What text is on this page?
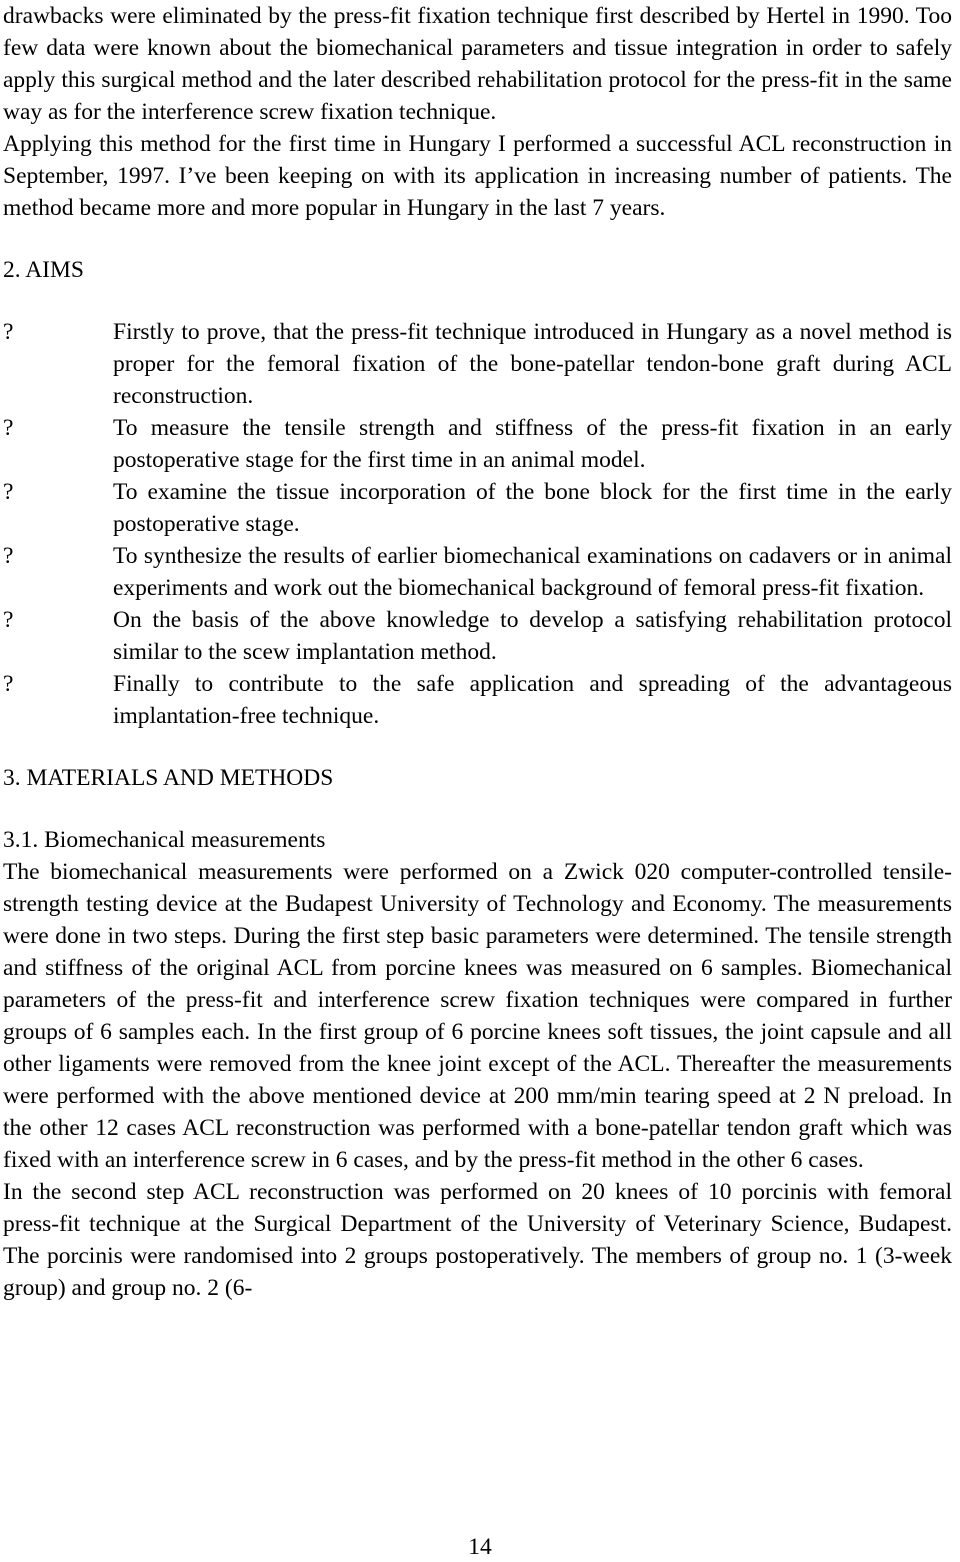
drawbacks were eliminated by the press-fit fixation technique first described by Hertel in 1990. Too few data were known about the biomechanical parameters and tissue integration in order to safely apply this surgical method and the later described rehabilitation protocol for the press-fit in the same way as for the interference screw fixation technique.

Applying this method for the first time in Hungary I performed a successful ACL reconstruction in September, 1997. I’ve been keeping on with its application in increasing number of patients. The method became more and more popular in Hungary in the last 7 years.

2. AIMS

?	Firstly to prove, that the press-fit technique introduced in Hungary as a novel method is proper for the femoral fixation of the bone-patellar tendon-bone graft during ACL reconstruction.
?	To measure the tensile strength and stiffness of the press-fit fixation in an early postoperative stage for the first time in an animal model.
?	To examine the tissue incorporation of the bone block for the first time in the early postoperative stage.
?	To synthesize the results of earlier biomechanical examinations on cadavers or in animal experiments and work out the biomechanical background of femoral press-fit fixation.
?	On the basis of the above knowledge to develop a satisfying rehabilitation protocol similar to the scew implantation method.
?	Finally to contribute to the safe application and spreading of the advantageous implantation-free technique.

3. MATERIALS AND METHODS

3.1. Biomechanical measurements

The biomechanical measurements were performed on a Zwick 020 computer-controlled tensile-strength testing device at the Budapest University of Technology and Economy. The measurements were done in two steps. During the first step basic parameters were determined. The tensile strength and stiffness of the original ACL from porcine knees was measured on 6 samples. Biomechanical parameters of the press-fit and interference screw fixation techniques were compared in further groups of 6 samples each. In the first group of 6 porcine knees soft tissues, the joint capsule and all other ligaments were removed from the knee joint except of the ACL. Thereafter the measurements were performed with the above mentioned device at 200 mm/min tearing speed at 2 N preload. In the other 12 cases ACL reconstruction was performed with a bone-patellar tendon graft which was fixed with an interference screw in 6 cases, and by the press-fit method in the other 6 cases.

In the second step ACL reconstruction was performed on 20 knees of 10 porcinis with femoral press-fit technique at the Surgical Department of the University of Veterinary Science, Budapest. The porcinis were randomised into 2 groups postoperatively. The members of group no. 1 (3-week group) and group no. 2 (6-

14
